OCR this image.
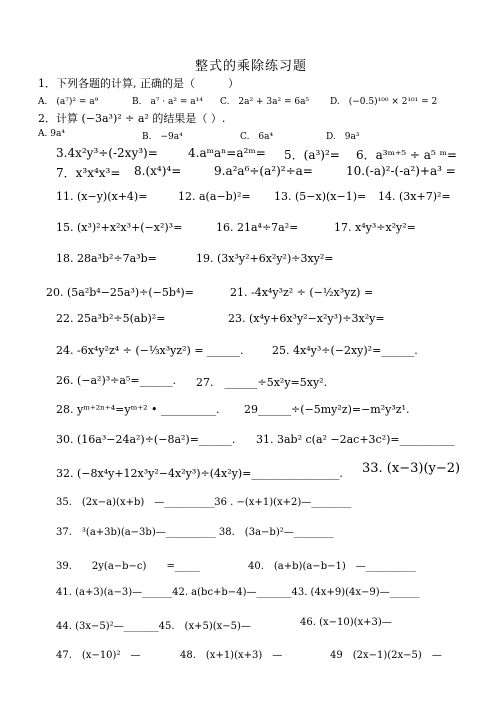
整式的乘除练习题
1．下列各题的计算, 正确的是（　　　）
A.　(a⁷)² = a⁹	B.　a⁷ · a² = a¹⁴ C.　2a² + 3a² = 6a⁵ D.　(−0.5)¹⁰⁰ × 2¹⁰¹ = 2
2．计算 (−3a³)² ÷ a² 的结果是（ ）.
A. 9a⁴	B.　−9a⁴	C.　6a⁴	D.　9a³
3.4x²y³÷(-2xy³)=	4.aᵐaⁿ=a²ᵐ= 5．(a³)²= 6．a³ᵐ⁺⁵ ÷ a⁵ ᵐ=
7．x³x⁴x³= 8.(x⁴)⁴=	9.a²a⁶÷(a²)²÷a=	10.(-a)²-(-a²)+a³ =
11. (x−y)(x+4)=	12. a(a−b)²= 13. (5−x)(x−1)= 14. (3x+7)²=
15. (x³)²+x²x³+(−x²)³=	16. 21a⁴÷7a²=	17. x⁴y³÷x²y²=
18. 28a³b²÷7a³b=	19. (3x³y²+6x²y²)÷3xy²=
20. (5a²b⁴−25a³)÷(−5b⁴)=	21. -4x⁴y³z² ÷ (−½x³yz) =
22. 25a³b²÷5(ab)²=	23. (x⁴y+6x³y²−x²y³)÷3x²y=
24. -6x⁴y²z⁴ ÷ (−⅓x³yz²) = ______.	25. 4x⁴y³÷(−2xy)²=______.
26. (−a²)³÷a⁵=______. 27.　______÷5x²y=5xy².
28. yᵐ⁺²ⁿ⁺⁴=yᵐ⁺² • __________. 29______÷(−5my²z)=−m²y³z¹.
30. (16a³−24a²)÷(−8a²)=______. 31. 3ab² c(a² −2ac+3c²)=__________
32. (−8x⁴y+12x³y²−4x²y³)÷(4x²y)=________________. 33. (x−3)(y−2)
35.　(2x−a)(x+b)　—__________36 . −(x+1)(x+2)—________
37.　³(a+3b)(a−3b)—__________ 38.　(3a−b)²—________
39.　　2y(a−b−c)　　=_____	40.　(a+b)(a−b−1)　—__________
41. (a+3)(a−3)—______42. a(bc+b−4)—_______43. (4x+9)(4x−9)—______
44. (3x−5)²—_______45.　(x+5)(x−5)—	46. (x−10)(x+3)—
47.　(x−10)²　—	48.　(x+1)(x+3)　—	49　(2x−1)(2x−5)　—
